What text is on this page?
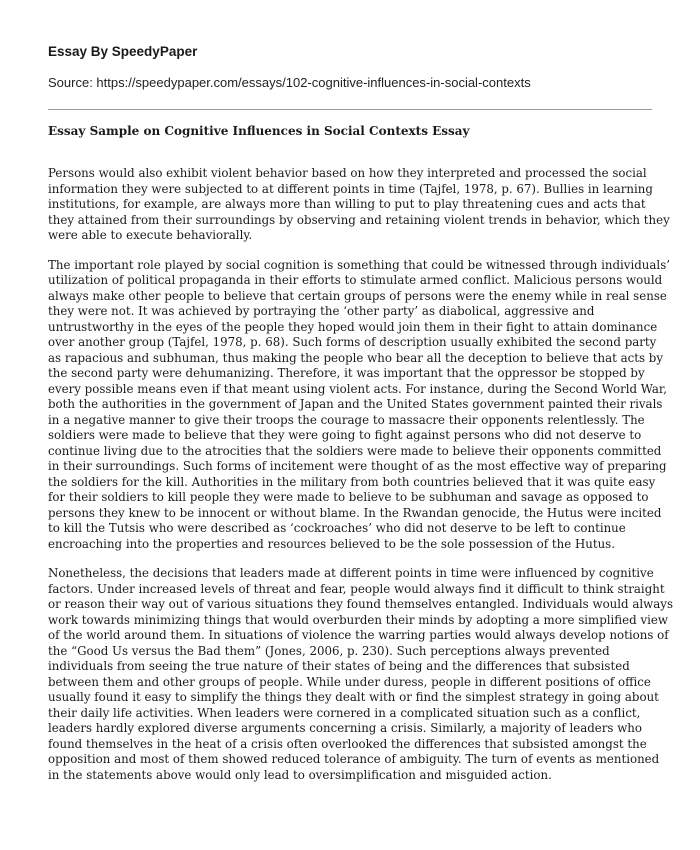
Essay By SpeedyPaper
Source: https://speedypaper.com/essays/102-cognitive-influences-in-social-contexts
Essay Sample on Cognitive Influences in Social Contexts Essay

Persons would also exhibit violent behavior based on how they interpreted and processed the social information they were subjected to at different points in time (Tajfel, 1978, p. 67). Bullies in learning institutions, for example, are always more than willing to put to play threatening cues and acts that they attained from their surroundings by observing and retaining violent trends in behavior, which they were able to execute behaviorally.

The important role played by social cognition is something that could be witnessed through individuals’ utilization of political propaganda in their efforts to stimulate armed conflict. Malicious persons would always make other people to believe that certain groups of persons were the enemy while in real sense they were not. It was achieved by portraying the ‘other party’ as diabolical, aggressive and untrustworthy in the eyes of the people they hoped would join them in their fight to attain dominance over another group (Tajfel, 1978, p. 68). Such forms of description usually exhibited the second party as rapacious and subhuman, thus making the people who bear all the deception to believe that acts by the second party were dehumanizing. Therefore, it was important that the oppressor be stopped by every possible means even if that meant using violent acts. For instance, during the Second World War, both the authorities in the government of Japan and the United States government painted their rivals in a negative manner to give their troops the courage to massacre their opponents relentlessly. The soldiers were made to believe that they were going to fight against persons who did not deserve to continue living due to the atrocities that the soldiers were made to believe their opponents committed in their surroundings. Such forms of incitement were thought of as the most effective way of preparing the soldiers for the kill. Authorities in the military from both countries believed that it was quite easy for their soldiers to kill people they were made to believe to be subhuman and savage as opposed to persons they knew to be innocent or without blame. In the Rwandan genocide, the Hutus were incited to kill the Tutsis who were described as ‘cockroaches’ who did not deserve to be left to continue encroaching into the properties and resources believed to be the sole possession of the Hutus.

Nonetheless, the decisions that leaders made at different points in time were influenced by cognitive factors. Under increased levels of threat and fear, people would always find it difficult to think straight or reason their way out of various situations they found themselves entangled. Individuals would always work towards minimizing things that would overburden their minds by adopting a more simplified view of the world around them. In situations of violence the warring parties would always develop notions of the “Good Us versus the Bad them” (Jones, 2006, p. 230). Such perceptions always prevented individuals from seeing the true nature of their states of being and the differences that subsisted between them and other groups of people. While under duress, people in different positions of office usually found it easy to simplify the things they dealt with or find the simplest strategy in going about their daily life activities. When leaders were cornered in a complicated situation such as a conflict, leaders hardly explored diverse arguments concerning a crisis. Similarly, a majority of leaders who found themselves in the heat of a crisis often overlooked the differences that subsisted amongst the opposition and most of them showed reduced tolerance of ambiguity. The turn of events as mentioned in the statements above would only lead to oversimplification and misguided action.
